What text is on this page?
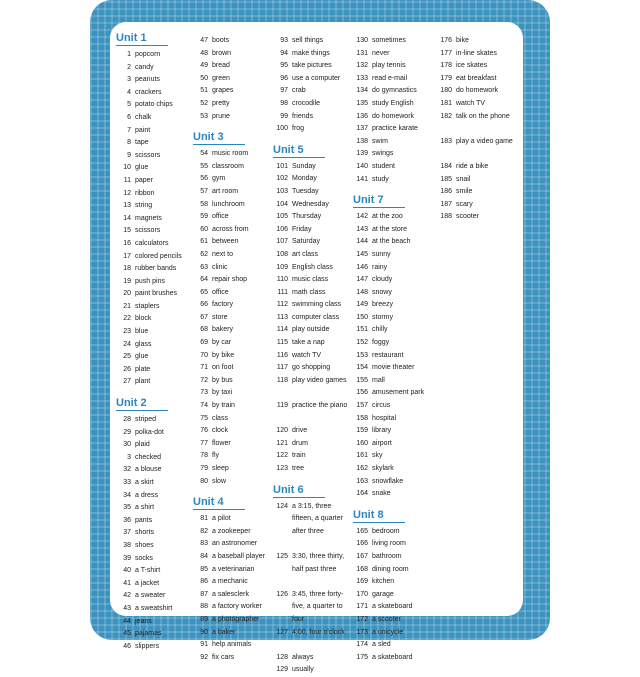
Unit 1
1 popcorn
2 candy
3 peanuts
4 crackers
5 potato chips
6 chalk
7 paint
8 tape
9 scissors
10 glue
11 paper
12 ribbon
13 string
14 magnets
15 scissors
16 calculators
17 colored pencils
18 rubber bands
19 push pins
20 paint brushes
21 staplers
22 block
23 blue
24 glass
25 glue
26 plate
27 plant
Unit 2
28 striped
29 polka-dot
30 plaid
3 checked
32 a blouse
33 a skirt
34 a dress
35 a shirt
36 pants
37 shorts
38 shoes
39 socks
40 a T-shirt
41 a jacket
42 a sweater
43 a sweatshirt
44 jeans
45 pajamas
46 slippers
47 boots
48 brown
49 bread
50 green
51 grapes
52 pretty
53 prune
Unit 3
54 music room
55 classroom
56 gym
57 art room
58 lunchroom
59 office
60 across from
61 between
62 next to
63 clinic
64 repair shop
65 office
66 factory
67 store
68 bakery
69 by car
70 by bike
71 on foot
72 by bus
73 by taxi
74 by train
75 class
76 clock
77 flower
78 fly
79 sleep
80 slow
Unit 4
81 a pilot
82 a zookeeper
83 an astronomer
84 a baseball player
85 a veterinarian
86 a mechanic
87 a salesclerk
88 a factory worker
89 a photographer
90 a baker
91 help animals
92 fix cars
93 sell things
94 make things
95 take pictures
96 use a computer
97 crab
98 crocodile
99 friends
100 frog
Unit 5
101 Sunday
102 Monday
103 Tuesday
104 Wednesday
105 Thursday
106 Friday
107 Saturday
108 art class
109 English class
110 music class
111 math class
112 swimming class
113 computer class
114 play outside
115 take a nap
116 watch TV
117 go shopping
118 play video games
119 practice the piano
120 drive
121 drum
122 train
123 tree
Unit 6
124 a 3:15, three fifteen, a quarter after three
125 3:30, three thirty, half past three
126 3:45, three forty-five, a quarter to four
127 4:00, four o'clock
128 always
129 usually
130 sometimes
131 never
132 play tennis
133 read e-mail
134 do gymnastics
135 study English
136 do homework
137 practice karate
138 swim
139 swings
140 student
141 study
Unit 7
142 at the zoo
143 at the store
144 at the beach
145 sunny
146 rainy
147 cloudy
148 snowy
149 breezy
150 stormy
151 chilly
152 foggy
153 restaurant
154 movie theater
155 mall
156 amusement park
157 circus
158 hospital
159 library
160 airport
161 sky
162 skylark
163 snowflake
164 snake
Unit 8
165 bedroom
166 living room
167 bathroom
168 dining room
169 kitchen
170 garage
171 a skateboard
172 a scooter
173 a unicycle
174 a sled
175 a skateboard
176 bike
177 in-line skates
178 ice skates
179 eat breakfast
180 do homework
181 watch TV
182 talk on the phone
183 play a video game
184 ride a bike
185 snail
186 smile
187 scary
188 scooter
